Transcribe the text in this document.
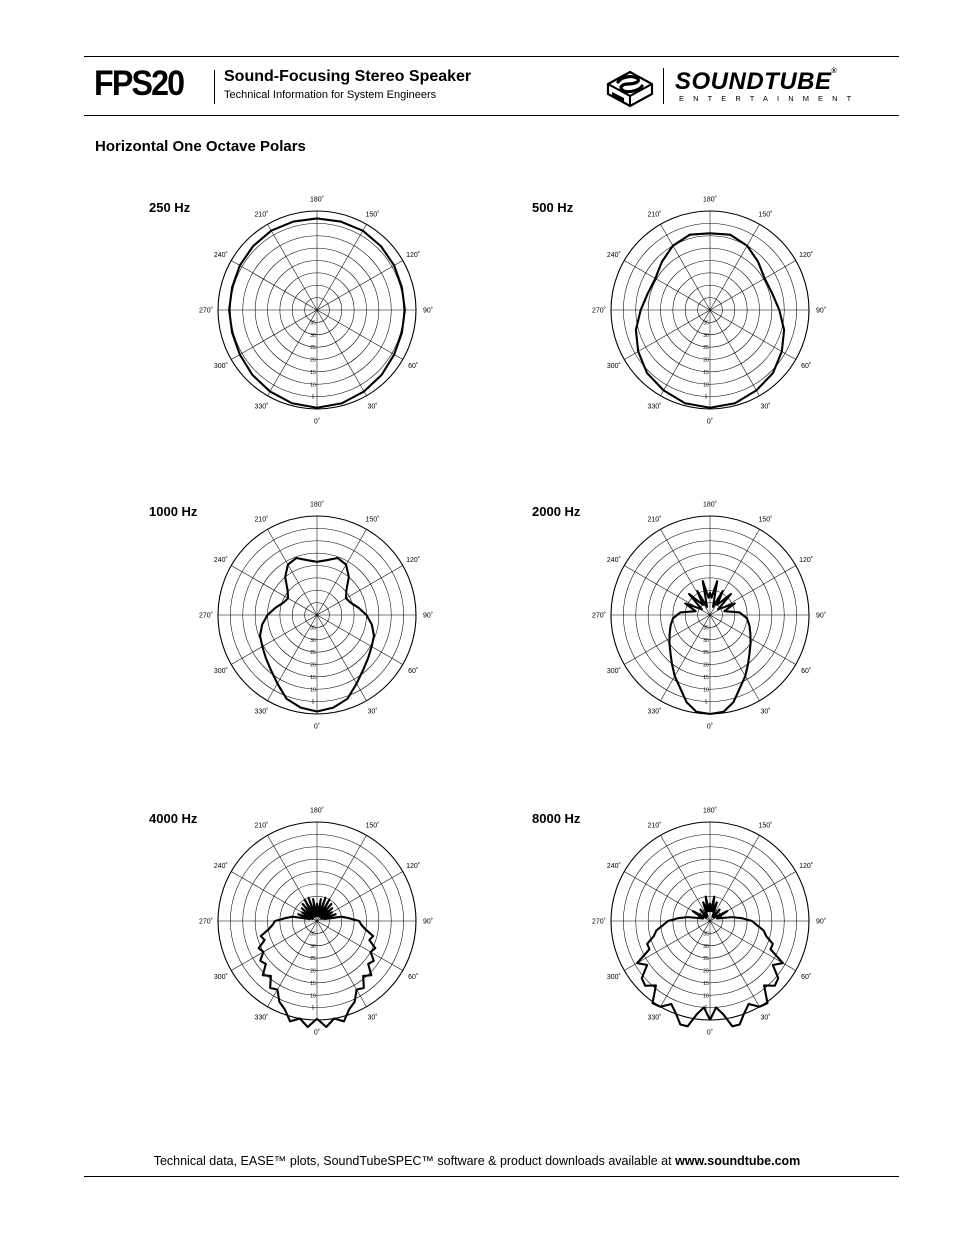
FPS20	Sound-Focusing Stereo Speaker
Technical Information for System Engineers	SOUNDTUBE®
ENTERTAINMENT
Horizontal One Octave Polars
250 Hz	500 Hz
1000 Hz	2000 Hz
4000 Hz	8000 Hz
0˚
30˚
60˚
90˚
120˚
150˚
180˚
210˚
240˚
270˚
300˚
330˚
5
10
15
20
25
30
35
0˚
30˚
60˚
90˚
120˚
150˚
180˚
210˚
240˚
270˚
300˚
330˚
5
10
15
20
25
30
35
0˚
30˚
60˚
90˚
120˚
150˚
180˚
210˚
240˚
270˚
300˚
330˚
5
10
15
20
25
30
35
0˚
30˚
60˚
90˚
120˚
150˚
180˚
210˚
240˚
270˚
300˚
330˚
5
10
15
20
25
30
35
0˚
30˚
60˚
90˚
120˚
150˚
180˚
210˚
240˚
270˚
300˚
330˚
5
10
15
20
25
30
35
0˚
30˚
60˚
90˚
120˚
150˚
180˚
210˚
240˚
270˚
300˚
330˚
5
10
15
20
25
30
35
Technical data, EASE™ plots, SoundTubeSPEC™ software & product downloads available at www.soundtube.com
